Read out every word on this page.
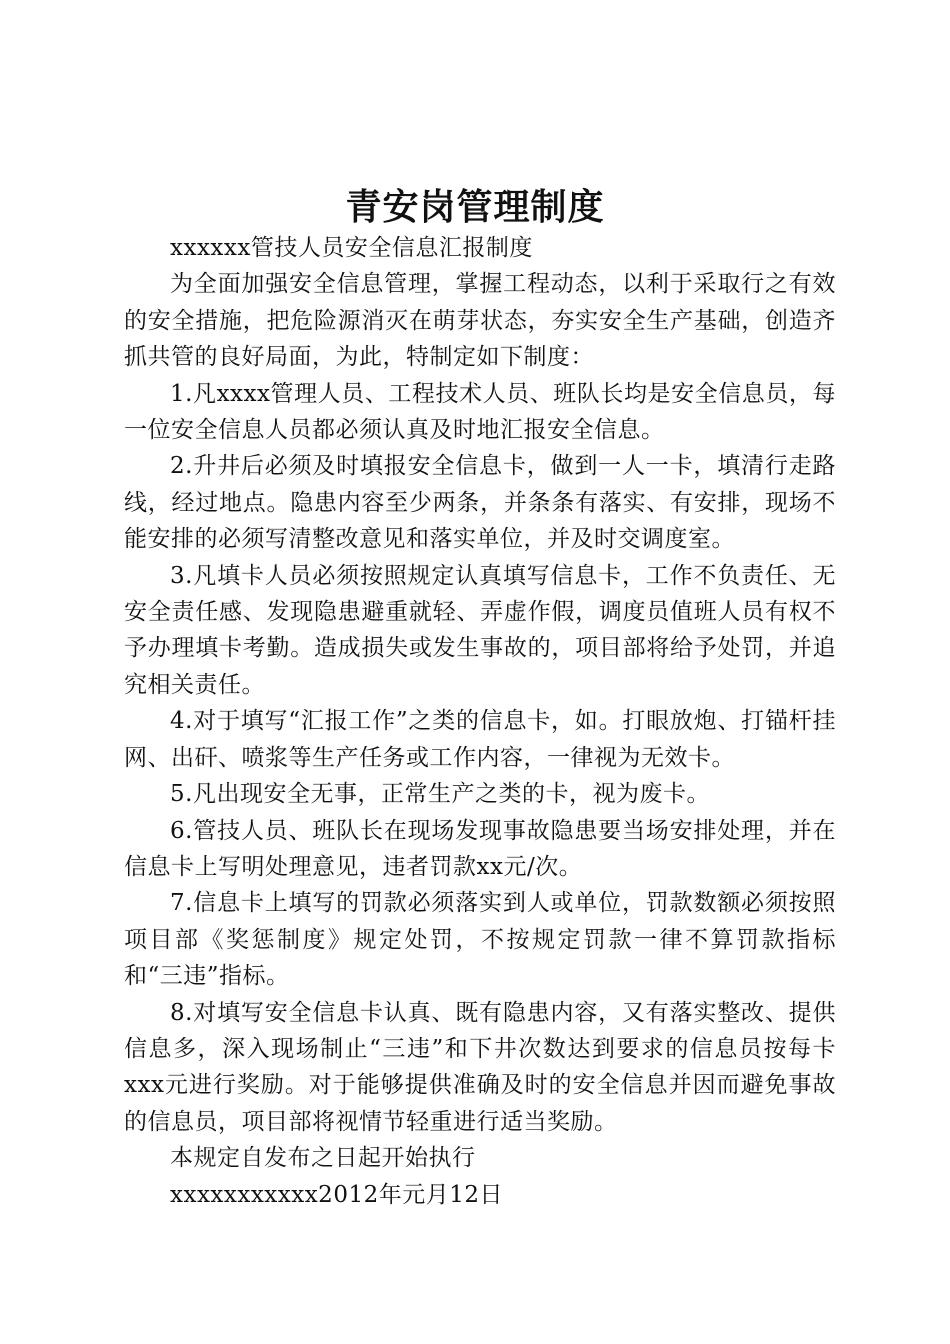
青安岗管理制度

xxxxxx管技人员安全信息汇报制度

为全面加强安全信息管理，掌握工程动态，以利于采取行之有效的安全措施，把危险源消灭在萌芽状态，夯实安全生产基础，创造齐抓共管的良好局面，为此，特制定如下制度：

1.凡xxxx管理人员、工程技术人员、班队长均是安全信息员，每一位安全信息人员都必须认真及时地汇报安全信息。

2.升井后必须及时填报安全信息卡，做到一人一卡，填清行走路线，经过地点。隐患内容至少两条，并条条有落实、有安排，现场不能安排的必须写清整改意见和落实单位，并及时交调度室。

3.凡填卡人员必须按照规定认真填写信息卡，工作不负责任、无安全责任感、发现隐患避重就轻、弄虚作假，调度员值班人员有权不予办理填卡考勤。造成损失或发生事故的，项目部将给予处罚，并追究相关责任。

4.对于填写“汇报工作”之类的信息卡，如。打眼放炮、打锚杆挂网、出矸、喷浆等生产任务或工作内容，一律视为无效卡。

5.凡出现安全无事，正常生产之类的卡，视为废卡。

6.管技人员、班队长在现场发现事故隐患要当场安排处理，并在信息卡上写明处理意见，违者罚款xx元/次。

7.信息卡上填写的罚款必须落实到人或单位，罚款数额必须按照项目部《奖惩制度》规定处罚，不按规定罚款一律不算罚款指标和“三违”指标。

8.对填写安全信息卡认真、既有隐患内容，又有落实整改、提供信息多，深入现场制止“三违”和下井次数达到要求的信息员按每卡xxx元进行奖励。对于能够提供准确及时的安全信息并因而避免事故的信息员，项目部将视情节轻重进行适当奖励。

本规定自发布之日起开始执行

xxxxxxxxxxx2012年元月12日
